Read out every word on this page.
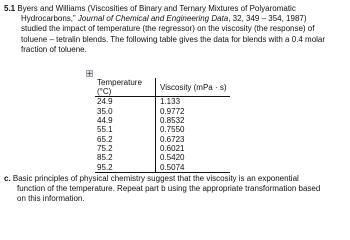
5.1 Byers and Williams (Viscosities of Binary and Ternary Mixtures of Polyaromatic
Hydrocarbons,” Journal of Chemical and Engineering Data, 32, 349 – 354, 1987)
studied the impact of temperature (the regressor) on the viscosity (the response) of
toluene – tetralin blends. The following table gives the data for blends with a 0.4 molar
fraction of toluene.
Temperature (°C)	Viscosity (mPa · s)
24.9	1.133
35.0	0.9772
44.9	0.8532
55.1	0.7550
65.2	0.6723
75.2	0.6021
85.2	0.5420
95.2	0.5074
c. Basic principles of physical chemistry suggest that the viscosity is an exponential
function of the temperature. Repeat part b using the appropriate transformation based
on this information.
